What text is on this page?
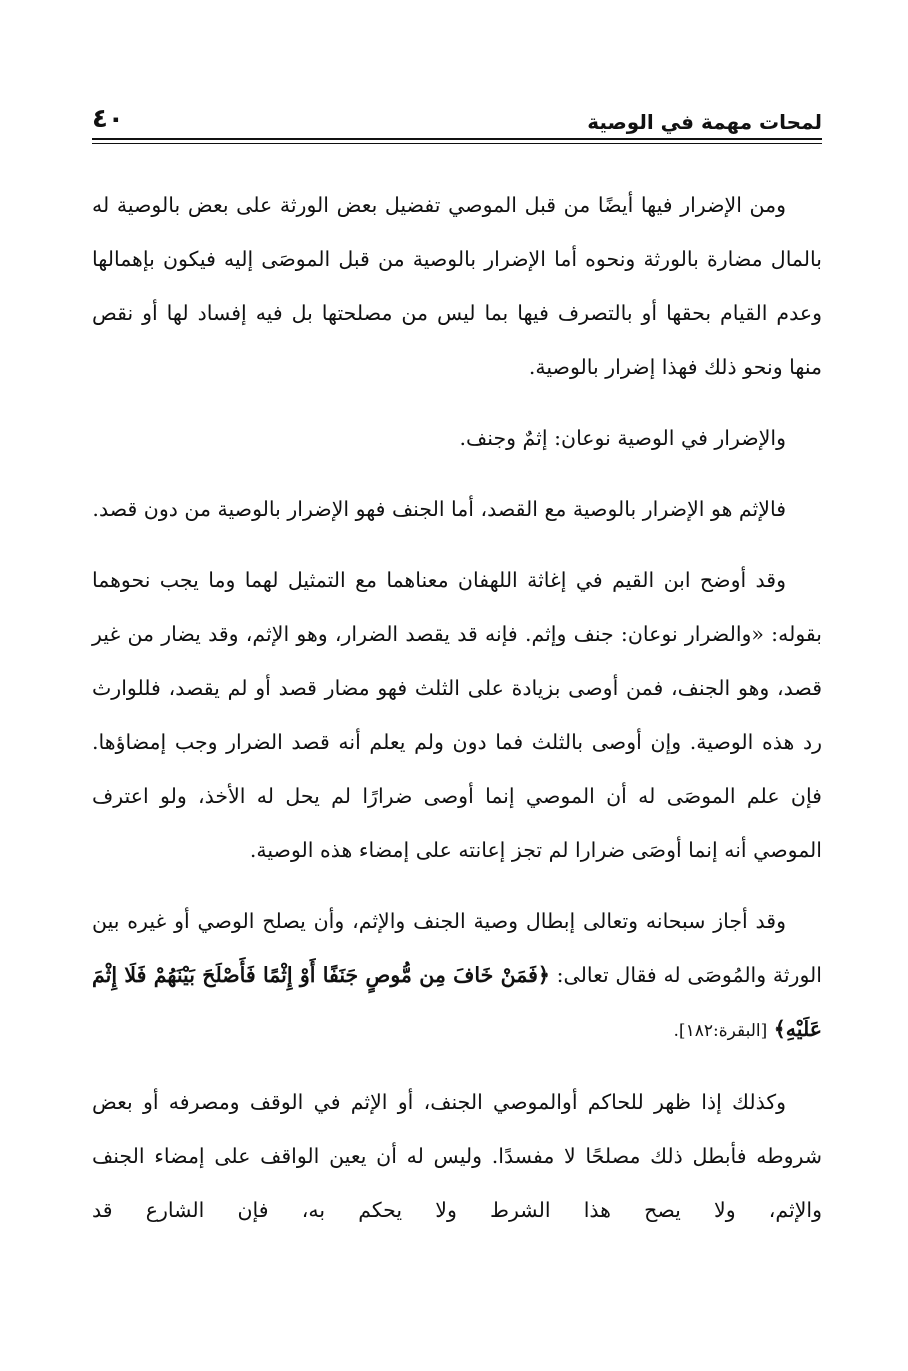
لمحات مهمة في الوصية
٤٠

ومن الإضرار فيها أيضًا من قبل الموصي تفضيل بعض الورثة على بعض بالوصية له بالمال مضارة بالورثة ونحوه أما الإضرار بالوصية من قبل الموصَى إليه فيكون بإهمالها وعدم القيام بحقها أو بالتصرف فيها بما ليس من مصلحتها بل فيه إفساد لها أو نقص منها ونحو ذلك فهذا إضرار بالوصية.

والإضرار في الوصية نوعان: إثمٌ وجنف.

فالإثم هو الإضرار بالوصية مع القصد، أما الجنف فهو الإضرار بالوصية من دون قصد.

وقد أوضح ابن القيم في إغاثة اللهفان معناهما مع التمثيل لهما وما يجب نحوهما بقوله: «والضرار نوعان: جنف وإثم. فإنه قد يقصد الضرار، وهو الإثم، وقد يضار من غير قصد، وهو الجنف، فمن أوصى بزيادة على الثلث فهو مضار قصد أو لم يقصد، فللوارث رد هذه الوصية. وإن أوصى بالثلث فما دون ولم يعلم أنه قصد الضرار وجب إمضاؤها. فإن علم الموصَى له أن الموصي إنما أوصى ضرارًا لم يحل له الأخذ، ولو اعترف الموصي أنه إنما أوصَى ضرارا لم تجز إعانته على إمضاء هذه الوصية.

وقد أجاز سبحانه وتعالى إبطال وصية الجنف والإثم، وأن يصلح الوصي أو غيره بين الورثة والمُوصَى له فقال تعالى: ﴿فَمَنْ خَافَ مِن مُّوصٍ جَنَفًا أَوْ إِثْمًا فَأَصْلَحَ بَيْنَهُمْ فَلَا إِثْمَ عَلَيْهِ﴾ [البقرة:١٨٢].

وكذلك إذا ظهر للحاكم أوالموصي الجنف، أو الإثم في الوقف ومصرفه أو بعض شروطه فأبطل ذلك مصلحًا لا مفسدًا. وليس له أن يعين الواقف على إمضاء الجنف والإثم، ولا يصح هذا الشرط ولا يحكم به، فإن الشارع قد
